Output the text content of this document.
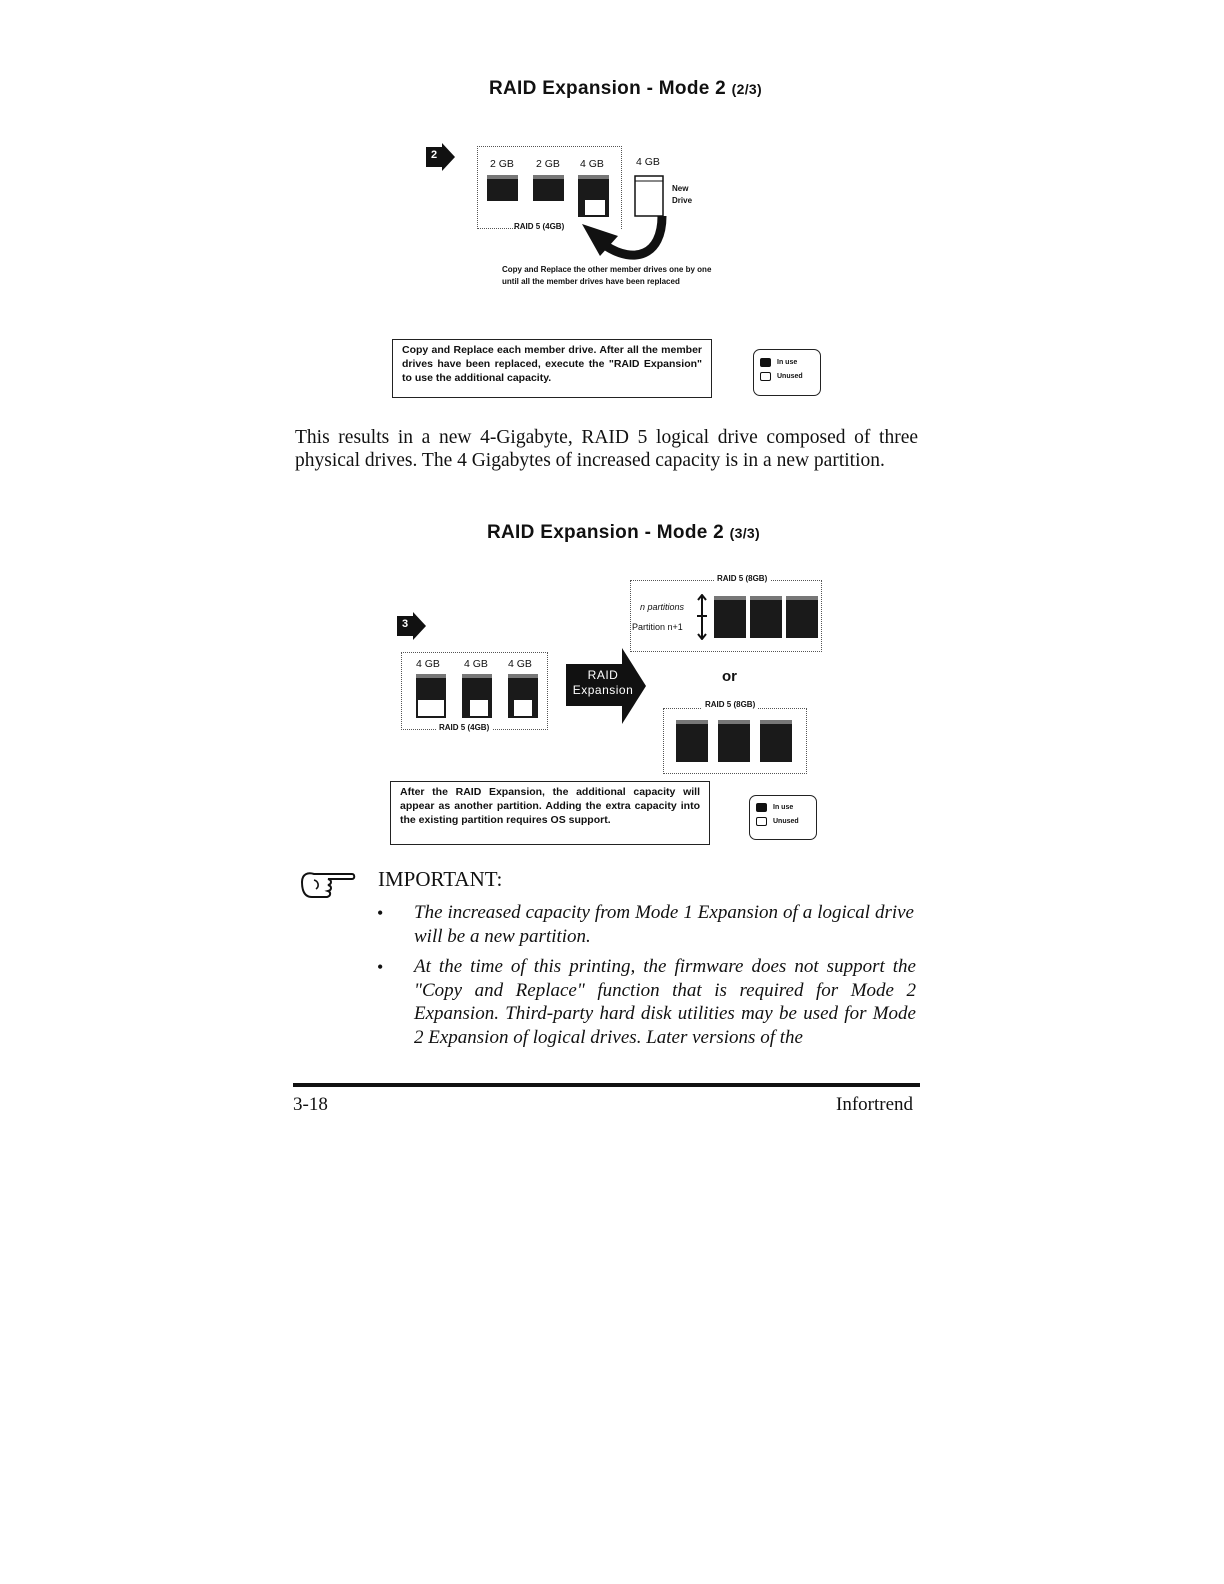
RAID Expansion - Mode 2 (2/3)
2
2 GB 2 GB 4 GB	4 GB
New
Drive
RAID 5 (4GB)
Copy and Replace the other member drives one by one
until all the member drives have been replaced
Copy and Replace each member drive. After all the member drives have been replaced, execute the "RAID Expansion" to use the additional capacity.
In use
Unused
This results in a new 4-Gigabyte, RAID 5 logical drive composed of three physical drives. The 4 Gigabytes of increased capacity is in a new partition.
RAID Expansion - Mode 2 (3/3)
3
4 GB 4 GB 4 GB
RAID 5 (4GB)
RAID
Expansion
RAID 5 (8GB)
n partitions
Partition n+1
or
RAID 5 (8GB)
After the RAID Expansion, the additional capacity will appear as another partition. Adding the extra capacity into the existing partition requires OS support.
In use
Unused
IMPORTANT:
• The increased capacity from Mode 1 Expansion of a logical drive will be a new partition.
• At the time of this printing, the firmware does not support the "Copy and Replace" function that is required for Mode 2 Expansion. Third-party hard disk utilities may be used for Mode 2 Expansion of logical drives. Later versions of the
3-18	Infortrend
